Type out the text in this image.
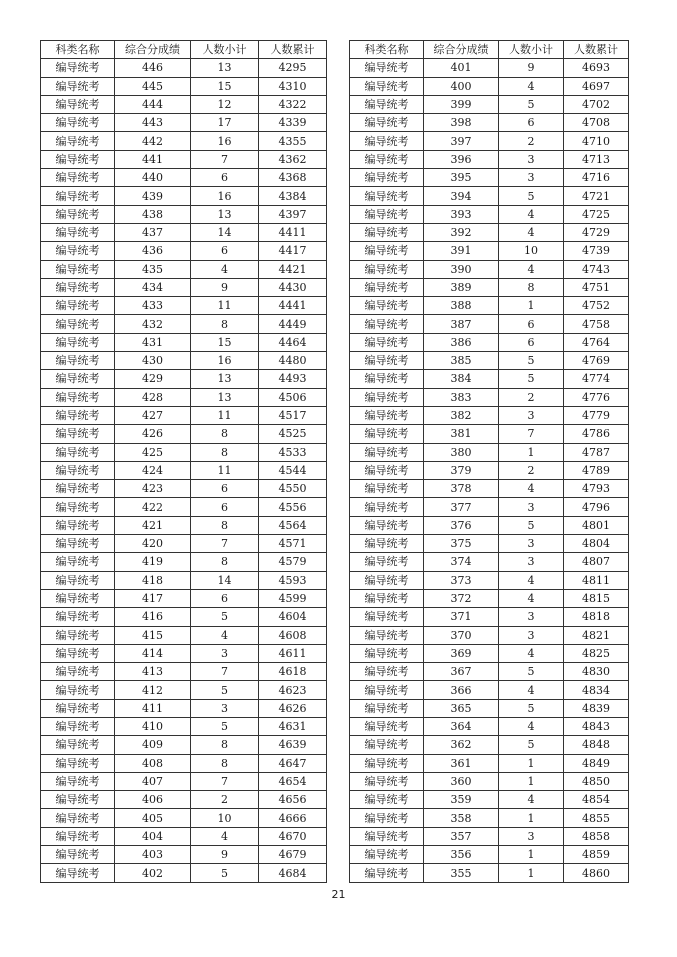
科类名称	综合分成绩	人数小计	人数累计
编导统考	446	13	4295
编导统考	445	15	4310
编导统考	444	12	4322
编导统考	443	17	4339
编导统考	442	16	4355
编导统考	441	7	4362
编导统考	440	6	4368
编导统考	439	16	4384
编导统考	438	13	4397
编导统考	437	14	4411
编导统考	436	6	4417
编导统考	435	4	4421
编导统考	434	9	4430
编导统考	433	11	4441
编导统考	432	8	4449
编导统考	431	15	4464
编导统考	430	16	4480
编导统考	429	13	4493
编导统考	428	13	4506
编导统考	427	11	4517
编导统考	426	8	4525
编导统考	425	8	4533
编导统考	424	11	4544
编导统考	423	6	4550
编导统考	422	6	4556
编导统考	421	8	4564
编导统考	420	7	4571
编导统考	419	8	4579
编导统考	418	14	4593
编导统考	417	6	4599
编导统考	416	5	4604
编导统考	415	4	4608
编导统考	414	3	4611
编导统考	413	7	4618
编导统考	412	5	4623
编导统考	411	3	4626
编导统考	410	5	4631
编导统考	409	8	4639
编导统考	408	8	4647
编导统考	407	7	4654
编导统考	406	2	4656
编导统考	405	10	4666
编导统考	404	4	4670
编导统考	403	9	4679
编导统考	402	5	4684
科类名称	综合分成绩	人数小计	人数累计
编导统考	401	9	4693
编导统考	400	4	4697
编导统考	399	5	4702
编导统考	398	6	4708
编导统考	397	2	4710
编导统考	396	3	4713
编导统考	395	3	4716
编导统考	394	5	4721
编导统考	393	4	4725
编导统考	392	4	4729
编导统考	391	10	4739
编导统考	390	4	4743
编导统考	389	8	4751
编导统考	388	1	4752
编导统考	387	6	4758
编导统考	386	6	4764
编导统考	385	5	4769
编导统考	384	5	4774
编导统考	383	2	4776
编导统考	382	3	4779
编导统考	381	7	4786
编导统考	380	1	4787
编导统考	379	2	4789
编导统考	378	4	4793
编导统考	377	3	4796
编导统考	376	5	4801
编导统考	375	3	4804
编导统考	374	3	4807
编导统考	373	4	4811
编导统考	372	4	4815
编导统考	371	3	4818
编导统考	370	3	4821
编导统考	369	4	4825
编导统考	367	5	4830
编导统考	366	4	4834
编导统考	365	5	4839
编导统考	364	4	4843
编导统考	362	5	4848
编导统考	361	1	4849
编导统考	360	1	4850
编导统考	359	4	4854
编导统考	358	1	4855
编导统考	357	3	4858
编导统考	356	1	4859
编导统考	355	1	4860
21
